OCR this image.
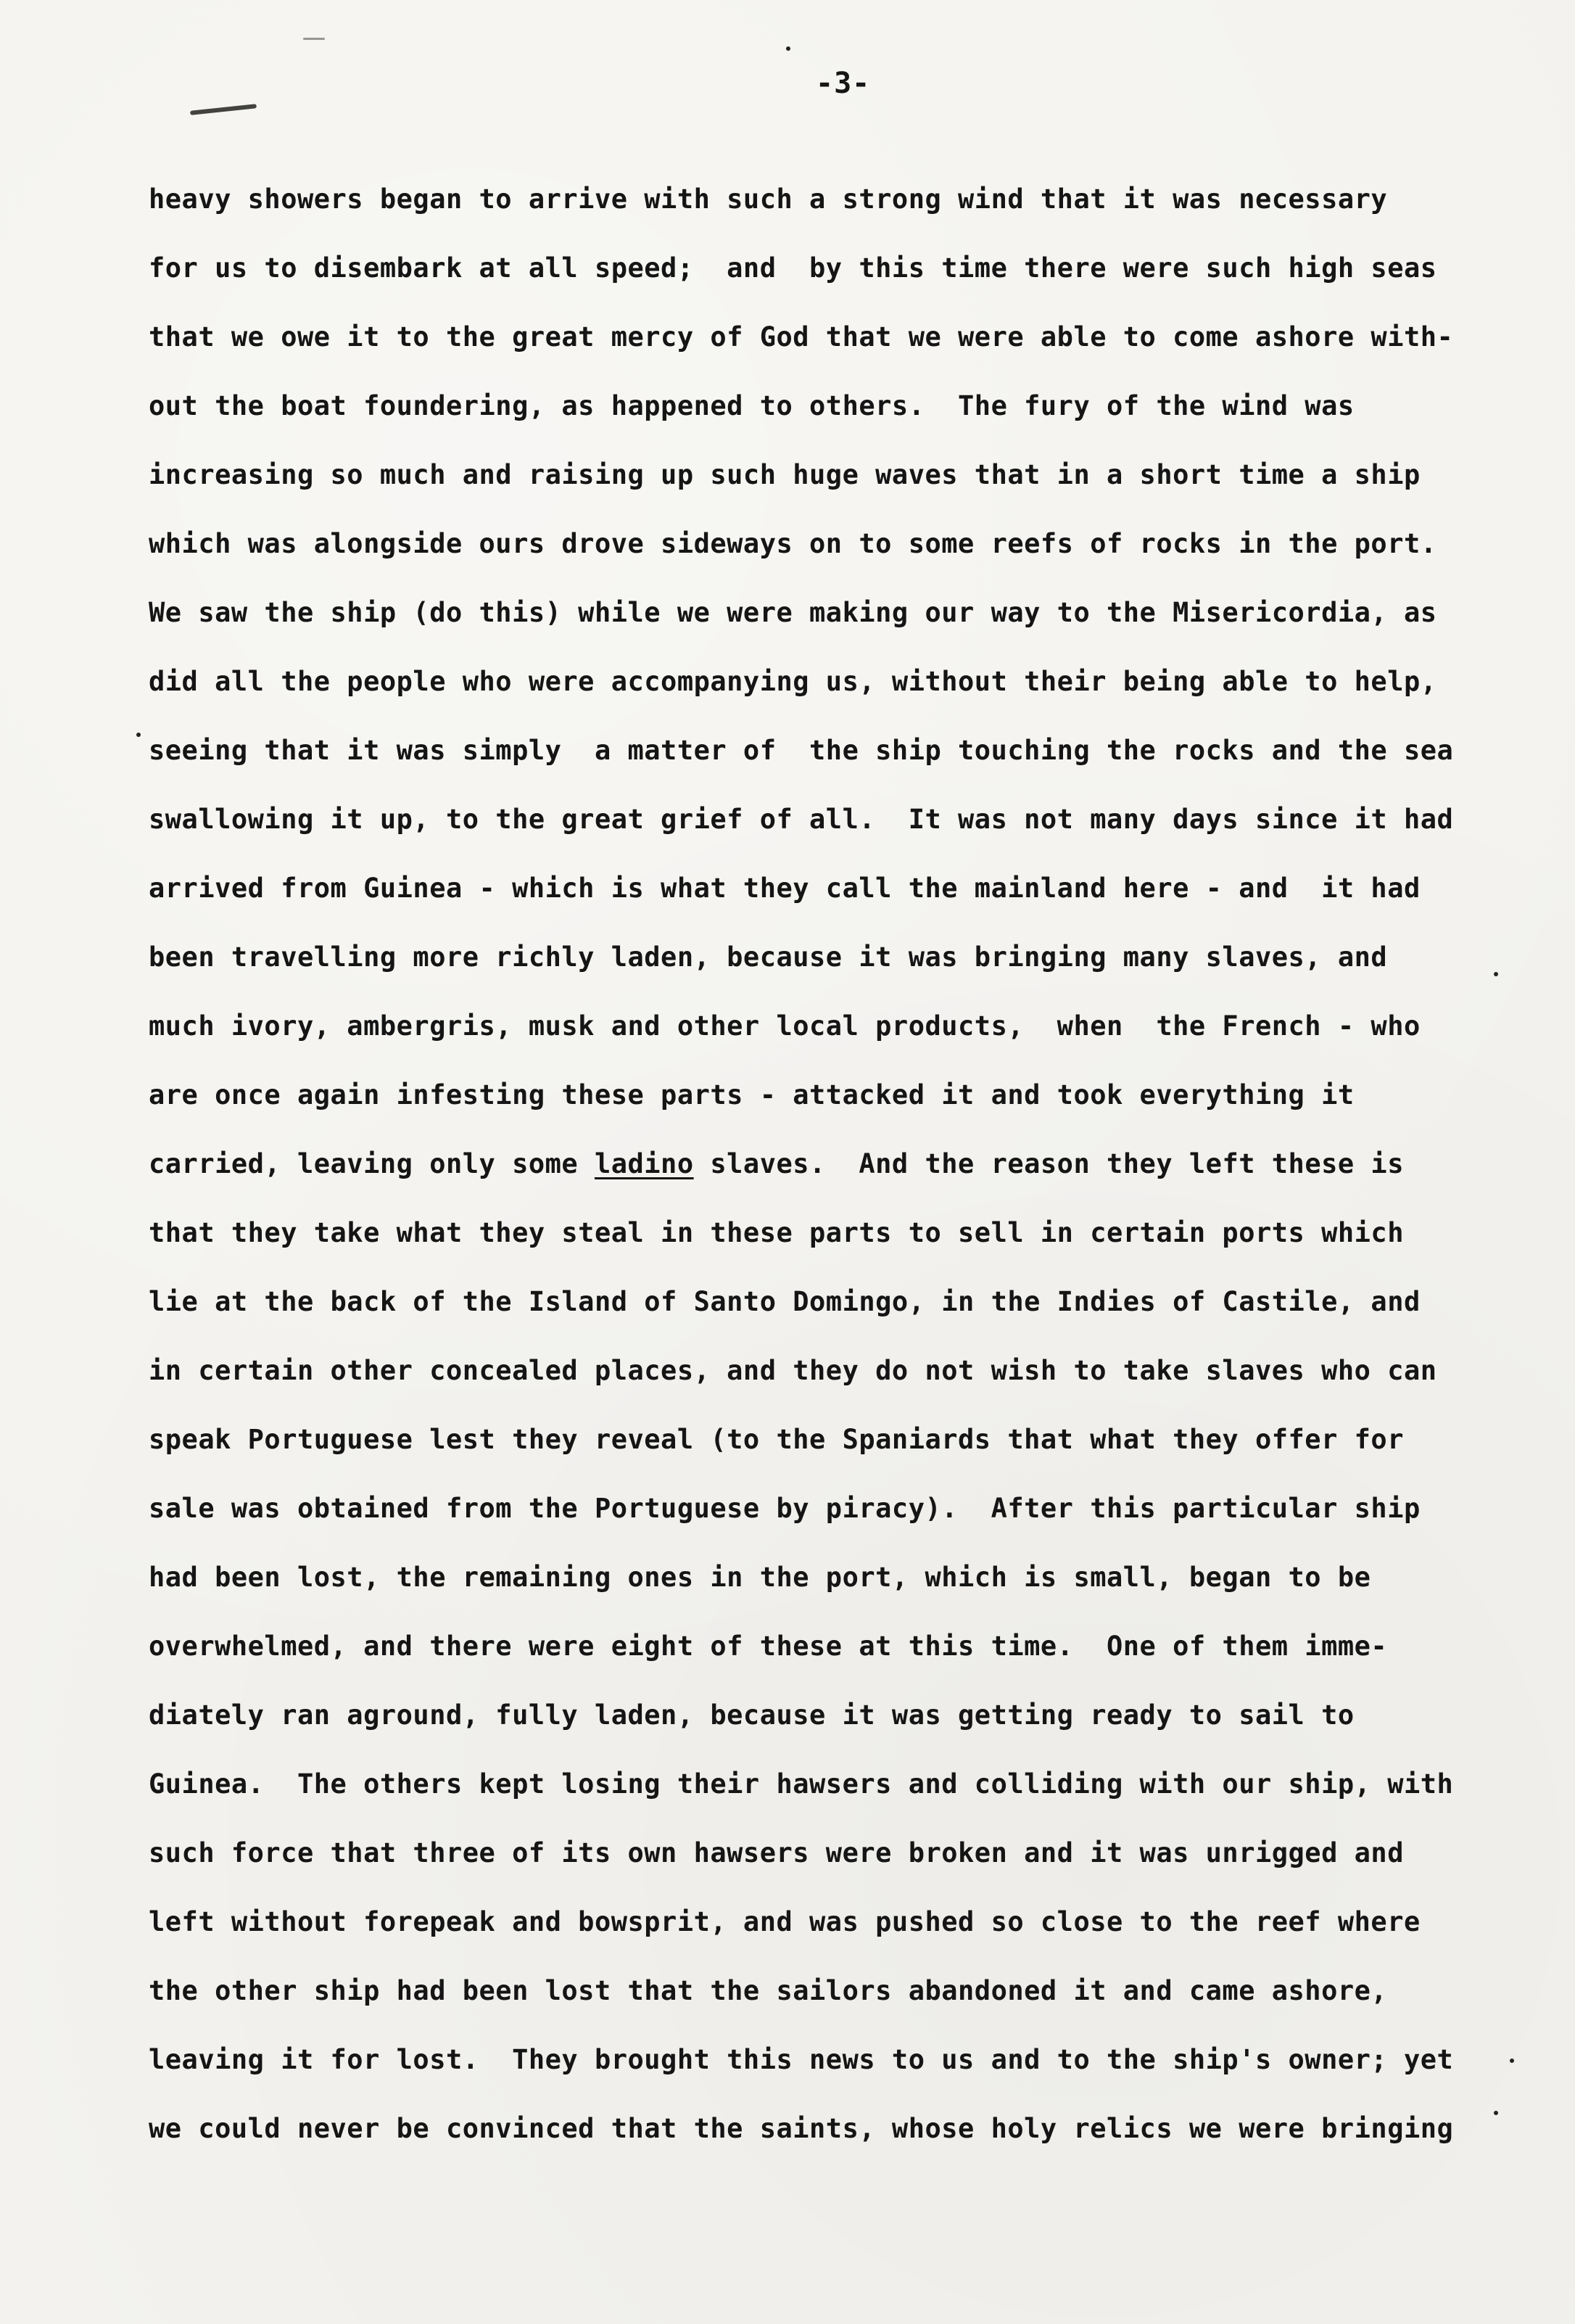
-3-
heavy showers began to arrive with such a strong wind that it was necessary
for us to disembark at all speed;  and  by this time there were such high seas
that we owe it to the great mercy of God that we were able to come ashore with-
out the boat foundering, as happened to others.  The fury of the wind was
increasing so much and raising up such huge waves that in a short time a ship
which was alongside ours drove sideways on to some reefs of rocks in the port.
We saw the ship (do this) while we were making our way to the Misericordia, as
did all the people who were accompanying us, without their being able to help,
seeing that it was simply  a matter of  the ship touching the rocks and the sea
swallowing it up, to the great grief of all.  It was not many days since it had
arrived from Guinea - which is what they call the mainland here - and  it had
been travelling more richly laden, because it was bringing many slaves, and
much ivory, ambergris, musk and other local products,  when  the French - who
are once again infesting these parts - attacked it and took everything it
carried, leaving only some ladino slaves.  And the reason they left these is
that they take what they steal in these parts to sell in certain ports which
lie at the back of the Island of Santo Domingo, in the Indies of Castile, and
in certain other concealed places, and they do not wish to take slaves who can
speak Portuguese lest they reveal (to the Spaniards that what they offer for
sale was obtained from the Portuguese by piracy).  After this particular ship
had been lost, the remaining ones in the port, which is small, began to be
overwhelmed, and there were eight of these at this time.  One of them imme-
diately ran aground, fully laden, because it was getting ready to sail to
Guinea.  The others kept losing their hawsers and colliding with our ship, with
such force that three of its own hawsers were broken and it was unrigged and
left without forepeak and bowsprit, and was pushed so close to the reef where
the other ship had been lost that the sailors abandoned it and came ashore,
leaving it for lost.  They brought this news to us and to the ship's owner; yet
we could never be convinced that the saints, whose holy relics we were bringing
